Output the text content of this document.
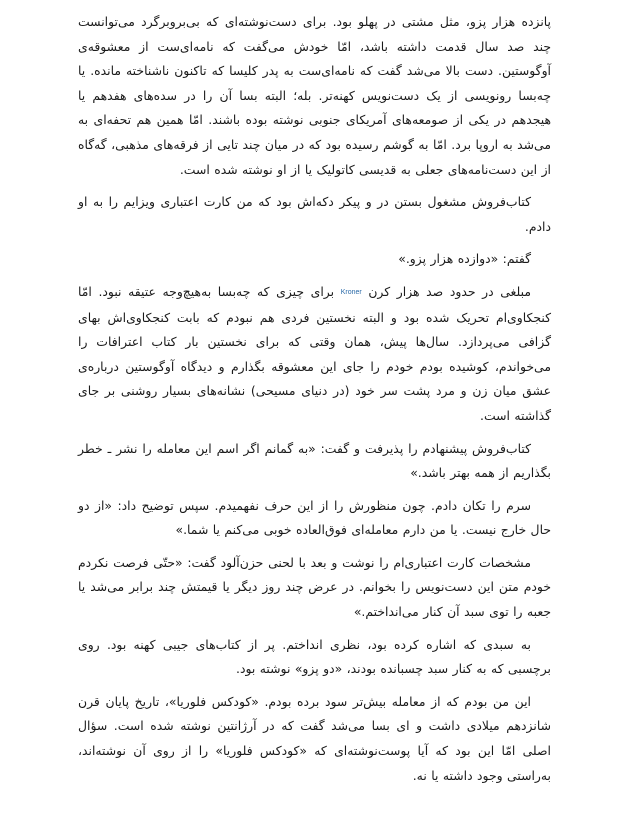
پانزده هزار پزو، مثل مشتی در پهلو بود. برای دست‌نوشته‌ای که بی‌بروبرگرد می‌توانست چند صد سال قدمت داشته باشد، امّا خودش می‌گفت که نامه‌ای‌ست از معشوقه‌ی آوگوستین. دست بالا می‌شد گفت که نامه‌ای‌ست به پدر کلیسا که تاکنون ناشناخته مانده. یا چه‌بسا رونویسی از یک دست‌نویس کهنه‌تر. بله؛ البته بسا آن را در سده‌های هفدهم یا هیجدهم در یکی از صومعه‌های آمریکای جنوبی نوشته بوده باشند. امّا همین هم تحفه‌ای به می‌شد به اروپا برد. امّا به گوشم رسیده بود که در میان چند تایی از فرقه‌های مذهبی، گه‌گاه از این دست‌نامه‌های جعلی به قدیسی کاتولیک یا از او نوشته شده است.

کتاب‌فروش مشغول بستن در و پیکر دکه‌اش بود که من کارت اعتباری ویزایم را به او دادم.

گفتم: «دوازده هزار پزو.»

مبلغی در حدود صد هزار کرن Kroner برای چیزی که چه‌بسا به‌هیچ‌وجه عتیقه نبود. امّا کنجکاوی‌ام تحریک شده بود و البته نخستین فردی هم نبودم که بابت کنجکاوی‌اش بهای گزافی می‌پردازد. سال‌ها پیش، همان وقتی که برای نخستین بار کتاب اعترافات را می‌خواندم، کوشیده بودم خودم را جای این معشوقه بگذارم و دیدگاه آوگوستین درباره‌ی عشق میان زن و مرد پشت سر خود (در دنیای مسیحی) نشانه‌های بسیار روشنی بر جای گذاشته است.

کتاب‌فروش پیشنهادم را پذیرفت و گفت: «به گمانم اگر اسم این معامله را نشر ـ خطر بگذاریم از همه بهتر باشد.»

سرم را تکان دادم. چون منظورش را از این حرف نفهمیدم. سپس توضیح داد: «از دو حال خارج نیست. یا من دارم معامله‌ای فوق‌العاده خوبی می‌کنم یا شما.»

مشخصات کارت اعتباری‌ام را نوشت و بعد با لحنی حزن‌آلود گفت: «حتّی فرصت نکردم خودم متن این دست‌نویس را بخوانم. در عرض چند روز دیگر یا قیمتش چند برابر می‌شد یا جعبه را توی سبد آن کنار می‌انداختم.»

به سبدی که اشاره کرده بود، نظری انداختم. پر از کتاب‌های جیبی کهنه بود. روی برچسبی که به کنار سبد چسبانده بودند، «دو پزو» نوشته بود.

این من بودم که از معامله بیش‌تر سود برده بودم. «کودکس فلوریا»، تاریخ پایان قرن شانزدهم میلادی داشت و ای بسا می‌شد گفت که در آرژانتین نوشته شده است. سؤال اصلی امّا این بود که آیا پوست‌نوشته‌ای که «کودکس فلوریا» را از روی آن نوشته‌اند، به‌راستی وجود داشته یا نه.
